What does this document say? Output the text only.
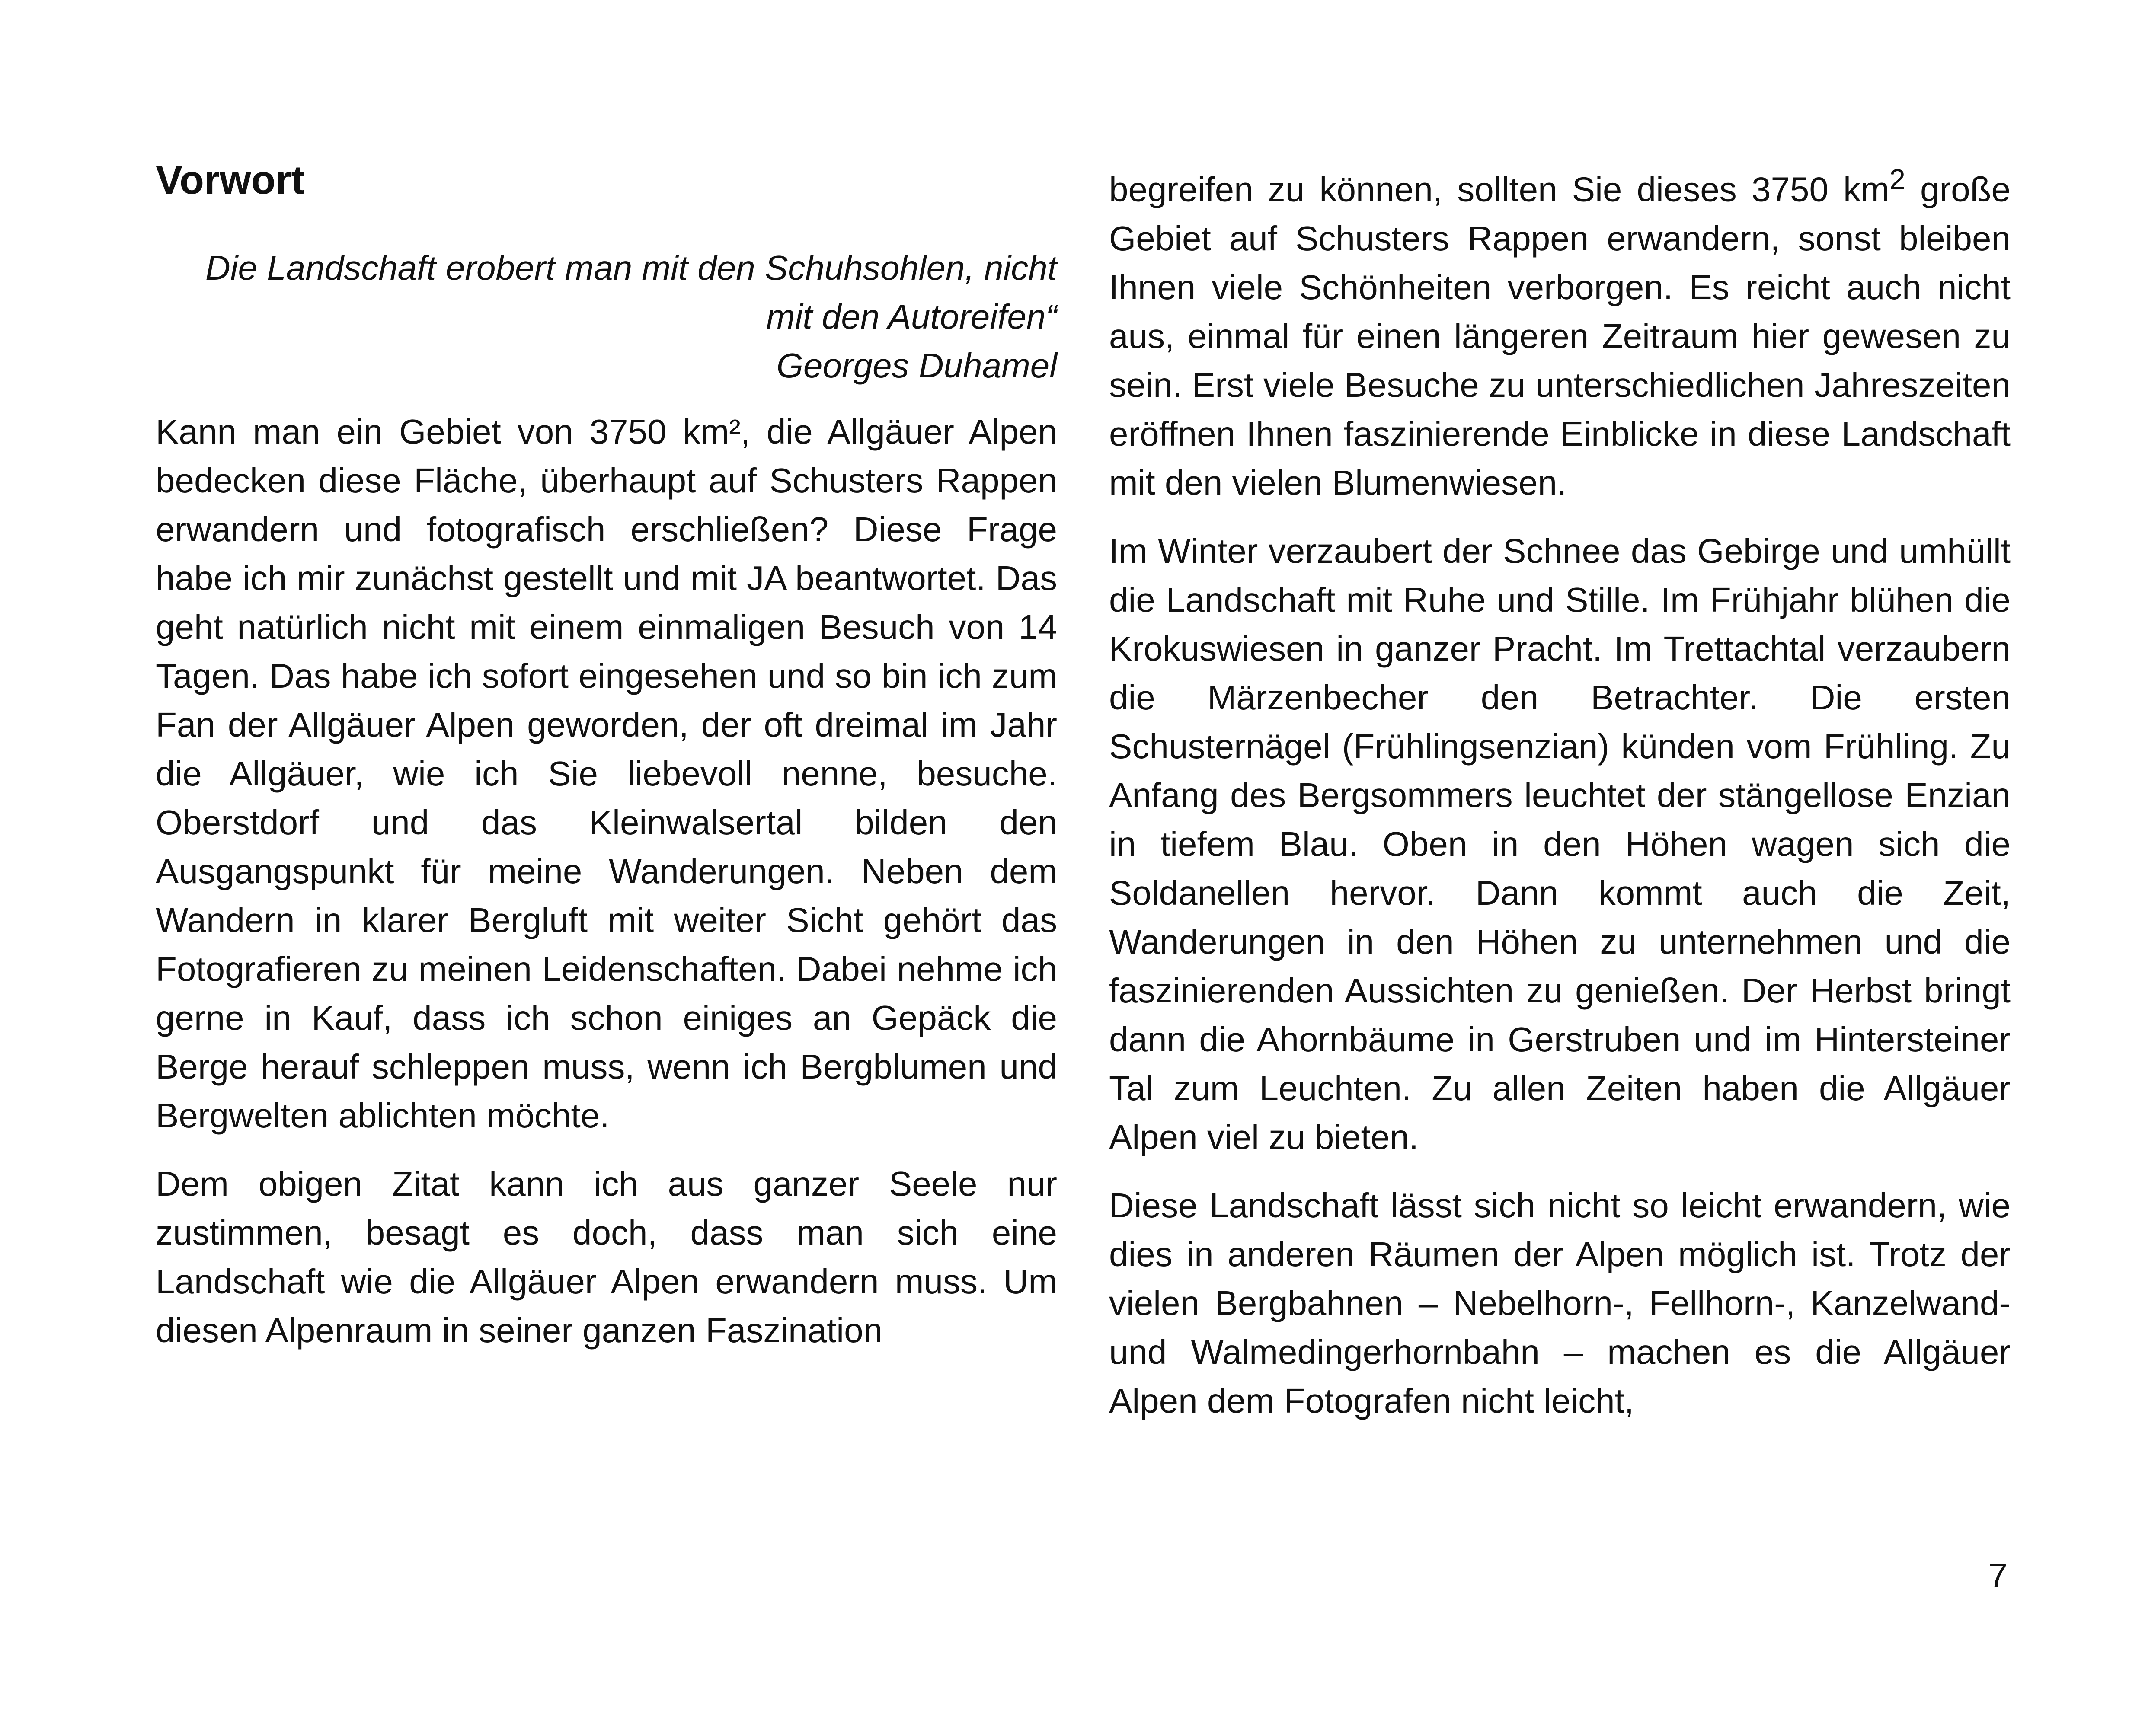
Vorwort
Die Landschaft erobert man mit den Schuhsohlen, nicht mit den Autoreifen“
Georges Duhamel

Kann man ein Gebiet von 3750 km², die Allgäuer Alpen bedecken diese Fläche, überhaupt auf Schusters Rappen erwandern und fotografisch erschließen? Diese Frage habe ich mir zunächst gestellt und mit JA beantwortet. Das geht natürlich nicht mit einem einmaligen Besuch von 14 Tagen. Das habe ich sofort eingesehen und so bin ich zum Fan der Allgäuer Alpen geworden, der oft dreimal im Jahr die Allgäuer, wie ich Sie liebevoll nenne, besuche. Oberstdorf und das Kleinwalsertal bilden den Ausgangspunkt für meine Wanderungen. Neben dem Wandern in klarer Bergluft mit weiter Sicht gehört das Fotografieren zu meinen Leidenschaften. Dabei nehme ich gerne in Kauf, dass ich schon einiges an Gepäck die Berge herauf schleppen muss, wenn ich Bergblumen und Bergwelten ablichten möchte.

Dem obigen Zitat kann ich aus ganzer Seele nur zustimmen, besagt es doch, dass man sich eine Landschaft wie die Allgäuer Alpen erwandern muss. Um diesen Alpenraum in seiner ganzen Faszination

begreifen zu können, sollten Sie dieses 3750 $km^2$ große Gebiet auf Schusters Rappen erwandern, sonst bleiben Ihnen viele Schönheiten verborgen. Es reicht auch nicht aus, einmal für einen längeren Zeitraum hier gewesen zu sein. Erst viele Besuche zu unterschiedlichen Jahreszeiten eröffnen Ihnen faszinierende Einblicke in diese Landschaft mit den vielen Blumenwiesen.

Im Winter verzaubert der Schnee das Gebirge und umhüllt die Landschaft mit Ruhe und Stille. Im Frühjahr blühen die Krokuswiesen in ganzer Pracht. Im Trettachtal verzaubern die Märzenbecher den Betrachter. Die ersten Schusternägel (Frühlingsenzian) künden vom Frühling. Zu Anfang des Bergsommers leuchtet der stängellose Enzian in tiefem Blau. Oben in den Höhen wagen sich die Soldanellen hervor. Dann kommt auch die Zeit, Wanderungen in den Höhen zu unternehmen und die faszinierenden Aussichten zu genießen. Der Herbst bringt dann die Ahornbäume in Gerstruben und im Hintersteiner Tal zum Leuchten. Zu allen Zeiten haben die Allgäuer Alpen viel zu bieten.

Diese Landschaft lässt sich nicht so leicht erwandern, wie dies in anderen Räumen der Alpen möglich ist. Trotz der vielen Bergbahnen – Nebelhorn-, Fellhorn-, Kanzelwand- und Walmedingerhornbahn – machen es die Allgäuer Alpen dem Fotografen nicht leicht,

7
